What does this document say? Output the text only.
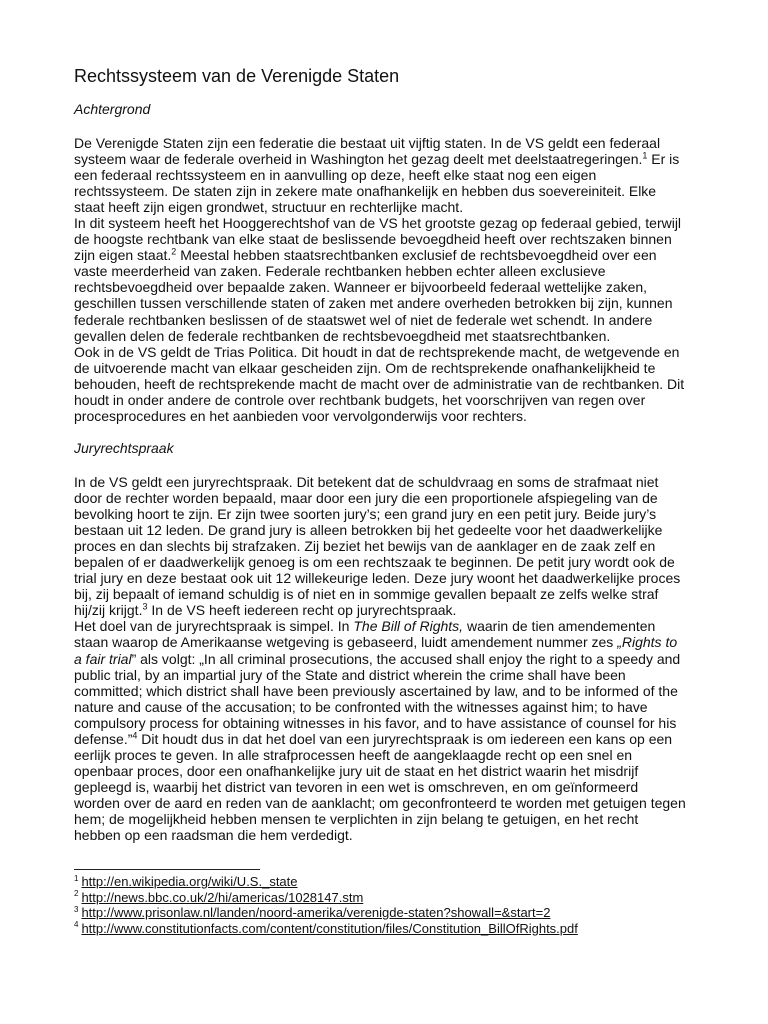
Rechtssysteem van de Verenigde Staten
Achtergrond
De Verenigde Staten zijn een federatie die bestaat uit vijftig staten. In de VS geldt een federaal
systeem waar de federale overheid in Washington het gezag deelt met deelstaatregeringen.$^1$ Er is
een federaal rechtssysteem en in aanvulling op deze, heeft elke staat nog een eigen
rechtssysteem. De staten zijn in zekere mate onafhankelijk en hebben dus soevereiniteit. Elke
staat heeft zijn eigen grondwet, structuur en rechterlijke macht.
In dit systeem heeft het Hooggerechtshof van de VS het grootste gezag op federaal gebied, terwijl
de hoogste rechtbank van elke staat de beslissende bevoegdheid heeft over rechtszaken binnen
zijn eigen staat.$^2$ Meestal hebben staatsrechtbanken exclusief de rechtsbevoegdheid over een
vaste meerderheid van zaken. Federale rechtbanken hebben echter alleen exclusieve
rechtsbevoegdheid over bepaalde zaken. Wanneer er bijvoorbeeld federaal wettelijke zaken,
geschillen tussen verschillende staten of zaken met andere overheden betrokken bij zijn, kunnen
federale rechtbanken beslissen of de staatswet wel of niet de federale wet schendt. In andere
gevallen delen de federale rechtbanken de rechtsbevoegdheid met staatsrechtbanken.
Ook in de VS geldt de Trias Politica. Dit houdt in dat de rechtsprekende macht, de wetgevende en
de uitvoerende macht van elkaar gescheiden zijn. Om de rechtsprekende onafhankelijkheid te
behouden, heeft de rechtsprekende macht de macht over de administratie van de rechtbanken. Dit
houdt in onder andere de controle over rechtbank budgets, het voorschrijven van regen over
procesprocedures en het aanbieden voor vervolgonderwijs voor rechters.
Juryrechtspraak
In de VS geldt een juryrechtspraak. Dit betekent dat de schuldvraag en soms de strafmaat niet
door de rechter worden bepaald, maar door een jury die een proportionele afspiegeling van de
bevolking hoort te zijn. Er zijn twee soorten jury’s; een grand jury en een petit jury. Beide jury’s
bestaan uit 12 leden. De grand jury is alleen betrokken bij het gedeelte voor het daadwerkelijke
proces en dan slechts bij strafzaken. Zij beziet het bewijs van de aanklager en de zaak zelf en
bepalen of er daadwerkelijk genoeg is om een rechtszaak te beginnen. De petit jury wordt ook de
trial jury en deze bestaat ook uit 12 willekeurige leden. Deze jury woont het daadwerkelijke proces
bij, zij bepaalt of iemand schuldig is of niet en in sommige gevallen bepaalt ze zelfs welke straf
hij/zij krijgt.$^3$ In de VS heeft iedereen recht op juryrechtspraak.
Het doel van de juryrechtspraak is simpel. In The Bill of Rights, waarin de tien amendementen
staan waarop de Amerikaanse wetgeving is gebaseerd, luidt amendement nummer zes „Rights to
a fair trial” als volgt: „In all criminal prosecutions, the accused shall enjoy the right to a speedy and
public trial, by an impartial jury of the State and district wherein the crime shall have been
committed; which district shall have been previously ascertained by law, and to be informed of the
nature and cause of the accusation; to be confronted with the witnesses against him; to have
compulsory process for obtaining witnesses in his favor, and to have assistance of counsel for his
defense.”$^4$ Dit houdt dus in dat het doel van een juryrechtspraak is om iedereen een kans op een
eerlijk proces te geven. In alle strafprocessen heeft de aangeklaagde recht op een snel en
openbaar proces, door een onafhankelijke jury uit de staat en het district waarin het misdrijf
gepleegd is, waarbij het district van tevoren in een wet is omschreven, en om geïnformeerd
worden over de aard en reden van de aanklacht; om geconfronteerd te worden met getuigen tegen
hem; de mogelijkheid hebben mensen te verplichten in zijn belang te getuigen, en het recht
hebben op een raadsman die hem verdedigt.
$^1$ http://en.wikipedia.org/wiki/U.S._state
$^2$ http://news.bbc.co.uk/2/hi/americas/1028147.stm
$^3$ http://www.prisonlaw.nl/landen/noord-amerika/verenigde-staten?showall=&start=2
$^4$ http://www.constitutionfacts.com/content/constitution/files/Constitution_BillOfRights.pdf
